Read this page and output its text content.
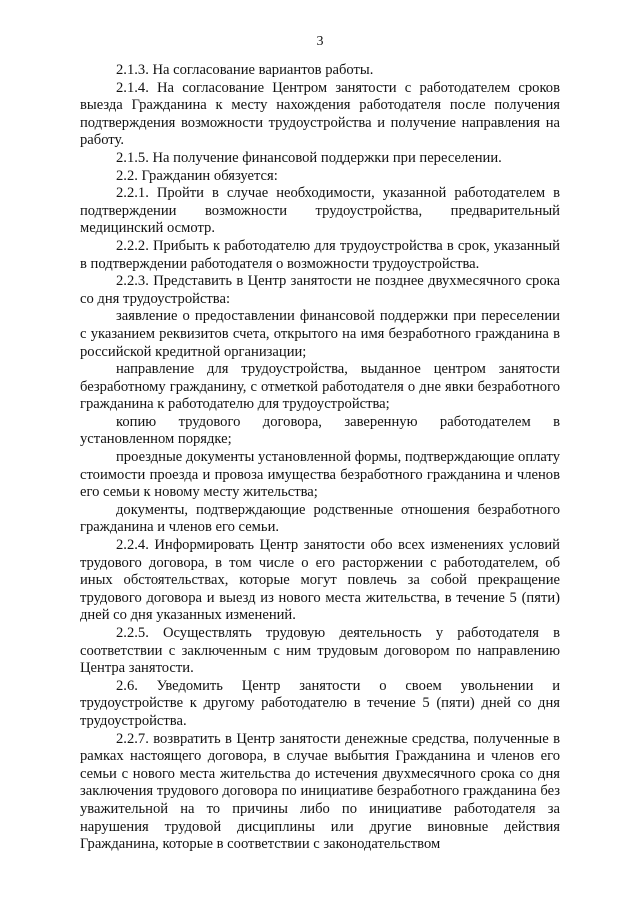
3

2.1.3. На согласование вариантов работы.

2.1.4. На согласование Центром занятости с работодателем сроков выезда Гражданина к месту нахождения работодателя после получения подтверждения возможности трудоустройства и получение направления на работу.

2.1.5. На получение финансовой поддержки при переселении.

2.2. Гражданин обязуется:

2.2.1. Пройти в случае необходимости, указанной работодателем в подтверждении возможности трудоустройства, предварительный медицинский осмотр.

2.2.2. Прибыть к работодателю для трудоустройства в срок, указанный в подтверждении работодателя о возможности трудоустройства.

2.2.3. Представить в Центр занятости не позднее двухмесячного срока со дня трудоустройства:

заявление о предоставлении финансовой поддержки при переселении с указанием реквизитов счета, открытого на имя безработного гражданина в российской кредитной организации;

направление для трудоустройства, выданное центром занятости безработному гражданину, с отметкой работодателя о дне явки безработного гражданина к работодателю для трудоустройства;

копию трудового договора, заверенную работодателем в установленном порядке;

проездные документы установленной формы, подтверждающие оплату стоимости проезда и провоза имущества безработного гражданина и членов его семьи к новому месту жительства;

документы, подтверждающие родственные отношения безработного гражданина и членов его семьи.

2.2.4. Информировать Центр занятости обо всех изменениях условий трудового договора, в том числе о его расторжении с работодателем, об иных обстоятельствах, которые могут повлечь за собой прекращение трудового договора и выезд из нового места жительства, в течение 5 (пяти) дней со дня указанных изменений.

2.2.5. Осуществлять трудовую деятельность у работодателя в соответствии с заключенным с ним трудовым договором по направлению Центра занятости.

2.6. Уведомить Центр занятости о своем увольнении и трудоустройстве к другому работодателю в течение 5 (пяти) дней со дня трудоустройства.

2.2.7. возвратить в Центр занятости денежные средства, полученные в рамках настоящего договора, в случае выбытия Гражданина и членов его семьи с нового места жительства до истечения двухмесячного срока со дня заключения трудового договора по инициативе безработного гражданина без уважительной на то причины либо по инициативе работодателя за нарушения трудовой дисциплины или другие виновные действия Гражданина, которые в соответствии с законодательством
